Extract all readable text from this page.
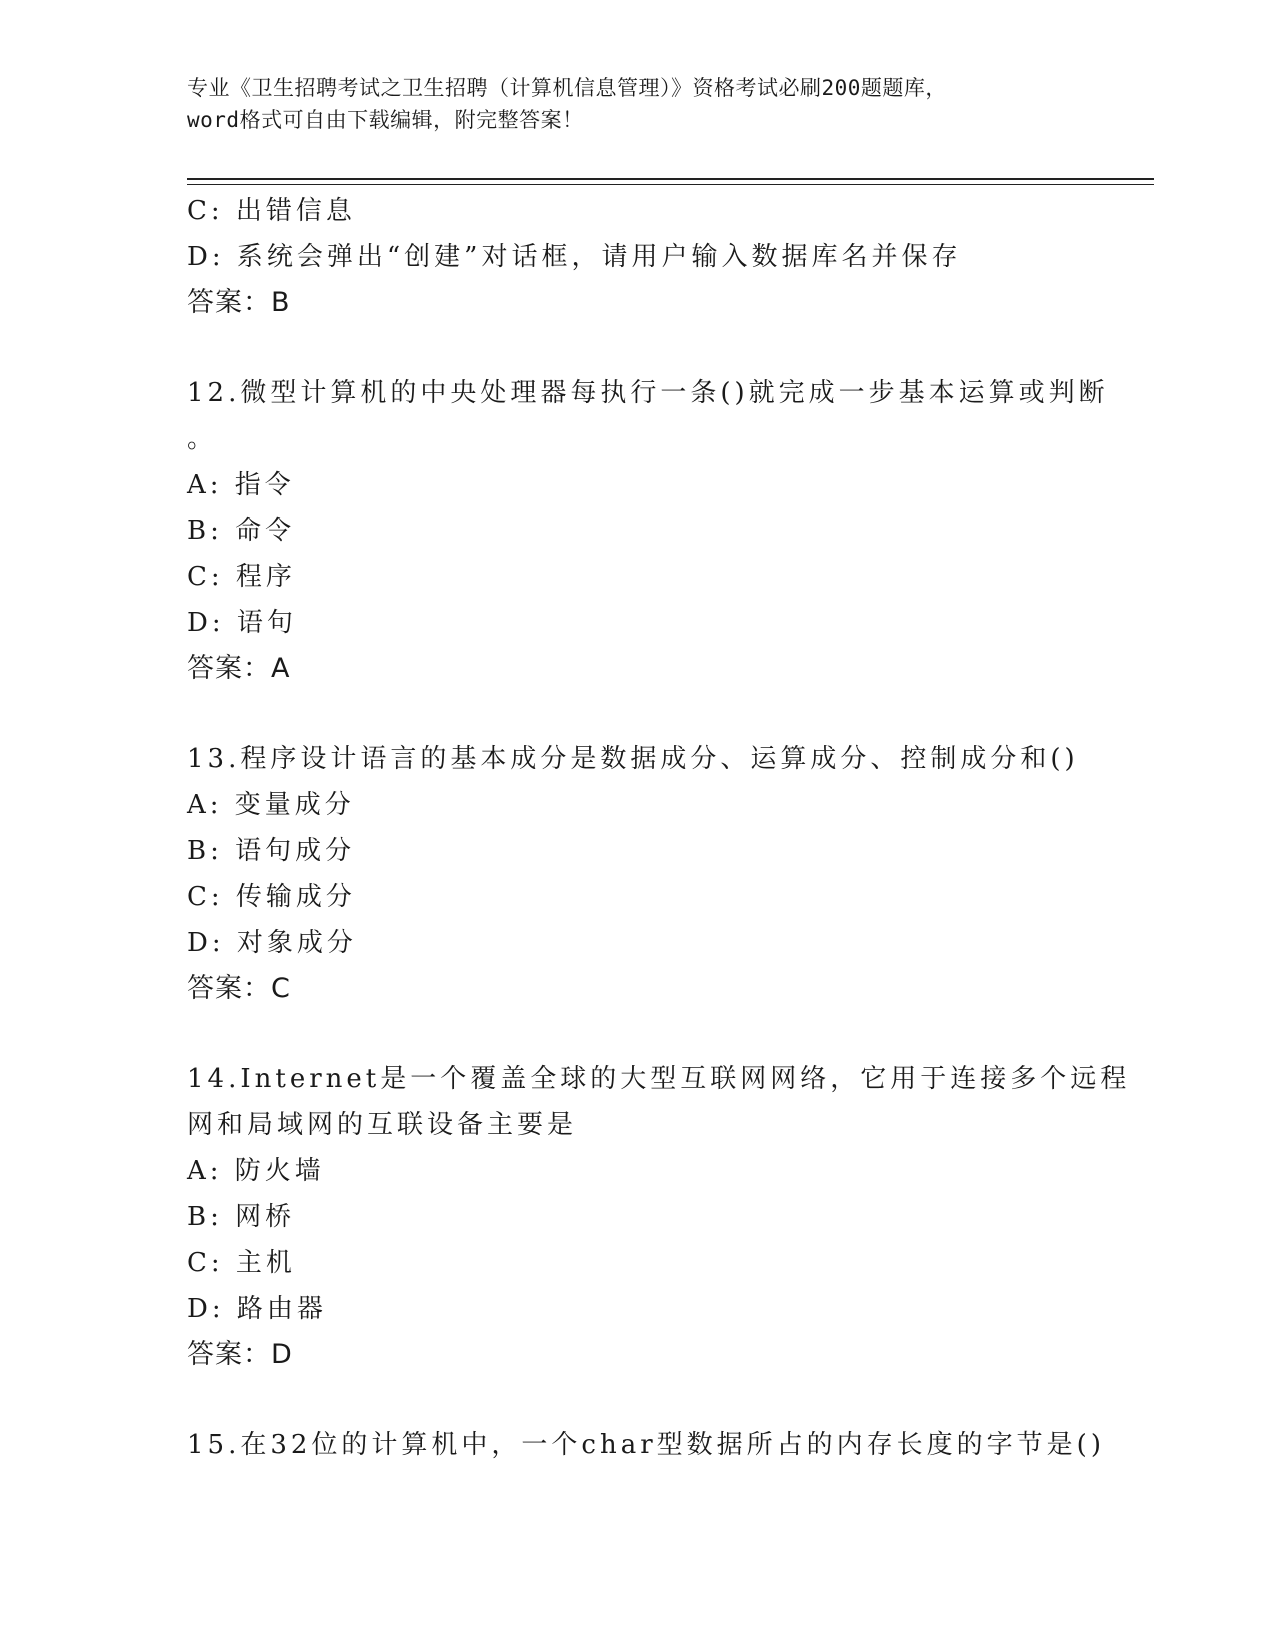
专业《卫生招聘考试之卫生招聘（计算机信息管理）》资格考试必刷200题题库，
word格式可自由下载编辑，附完整答案！
C: 出错信息
D: 系统会弹出“创建”对话框，请用户输入数据库名并保存
答案：B
12.微型计算机的中央处理器每执行一条()就完成一步基本运算或判断
。
A: 指令
B: 命令
C: 程序
D: 语句
答案：A
13.程序设计语言的基本成分是数据成分、运算成分、控制成分和()
A: 变量成分
B: 语句成分
C: 传输成分
D: 对象成分
答案：C
14.Internet是一个覆盖全球的大型互联网网络，它用于连接多个远程
网和局域网的互联设备主要是
A: 防火墙
B: 网桥
C: 主机
D: 路由器
答案：D
15.在32位的计算机中，一个char型数据所占的内存长度的字节是()
